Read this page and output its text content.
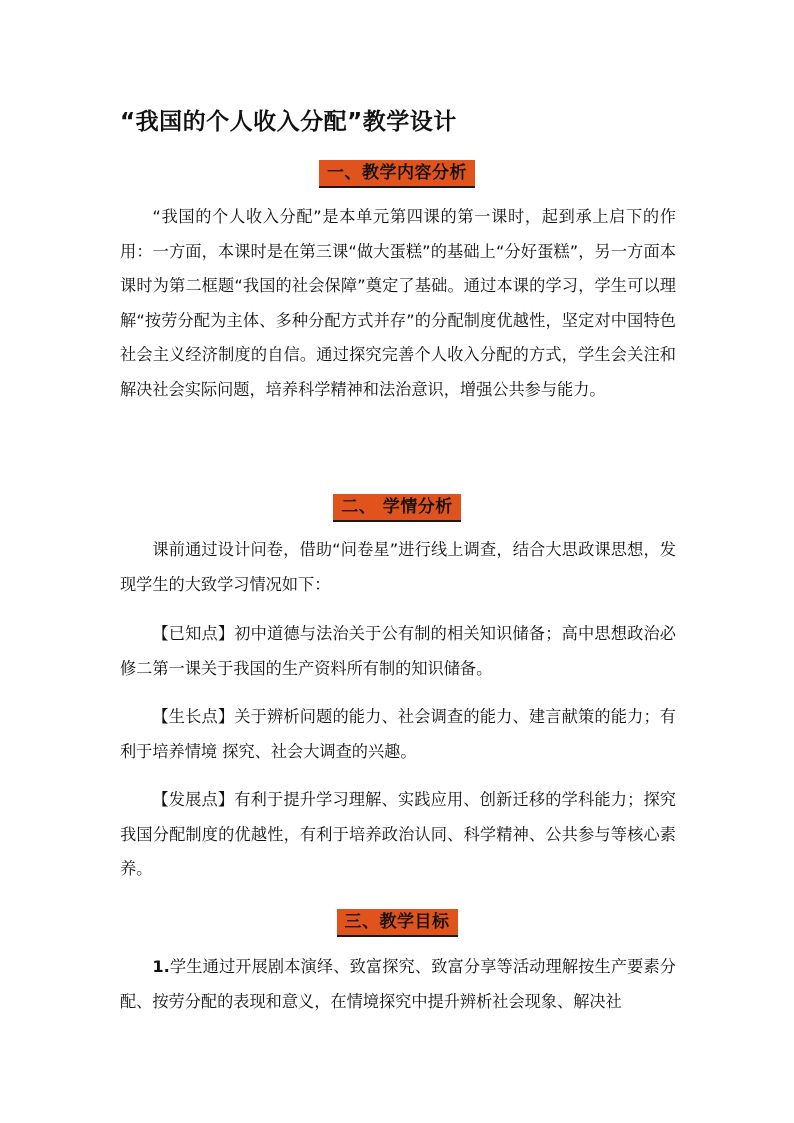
“我国的个人收入分配”教学设计
一、教学内容分析

“我国的个人收入分配”是本单元第四课的第一课时，起到承上启下的作用：一方面，本课时是在第三课“做大蛋糕”的基础上“分好蛋糕”，另一方面本课时为第二框题“我国的社会保障”奠定了基础。通过本课的学习，学生可以理解“按劳分配为主体、多种分配方式并存”的分配制度优越性，坚定对中国特色社会主义经济制度的自信。通过探究完善个人收入分配的方式，学生会关注和解决社会实际问题，培养科学精神和法治意识，增强公共参与能力。

二、 学情分析

课前通过设计问卷，借助“问卷星”进行线上调查，结合大思政课思想，发现学生的大致学习情况如下：

【已知点】初中道德与法治关于公有制的相关知识储备；高中思想政治必修二第一课关于我国的生产资料所有制的知识储备。

【生长点】关于辨析问题的能力、社会调查的能力、建言献策的能力；有利于培养情境 探究、社会大调查的兴趣。

【发展点】有利于提升学习理解、实践应用、创新迁移的学科能力；探究我国分配制度的优越性，有利于培养政治认同、科学精神、公共参与等核心素养。

三、教学目标

1.学生通过开展剧本演绎、致富探究、致富分享等活动理解按生产要素分配、按劳分配的表现和意义，在情境探究中提升辨析社会现象、解决社
